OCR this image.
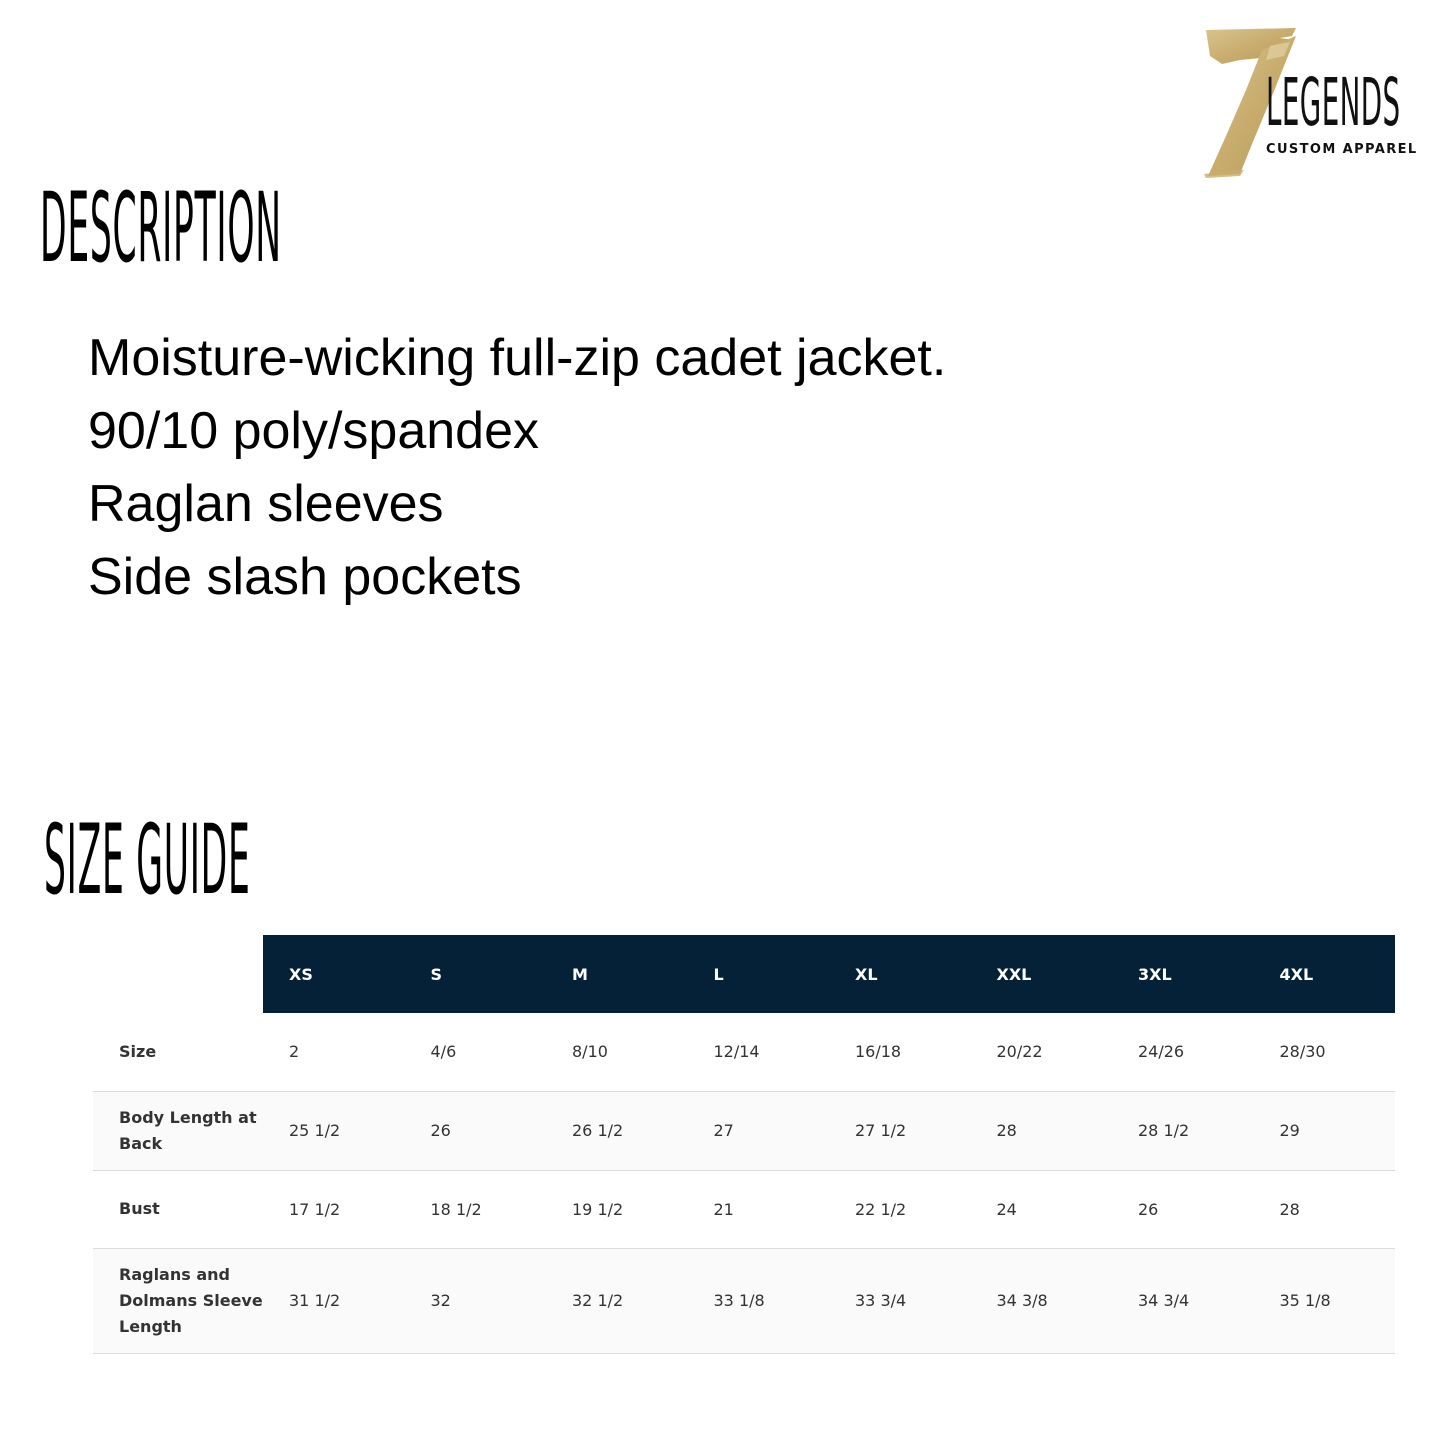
LEGENDS
CUSTOM APPAREL
DESCRIPTION
Moisture-wicking full-zip cadet jacket.
90/10 poly/spandex
Raglan sleeves
Side slash pockets
SIZE GUIDE

	XS	S	M	L	XL	XXL	3XL	4XL

Size	2	4/6	8/10	12/14	16/18	20/22	24/26	28/30

Body Length at Back	25 1/2	26	26 1/2	27	27 1/2	28	28 1/2	29

Bust	17 1/2	18 1/2	19 1/2	21	22 1/2	24	26	28

Raglans and Dolmans Sleeve Length	31 1/2	32	32 1/2	33 1/8	33 3/4	34 3/8	34 3/4	35 1/8
